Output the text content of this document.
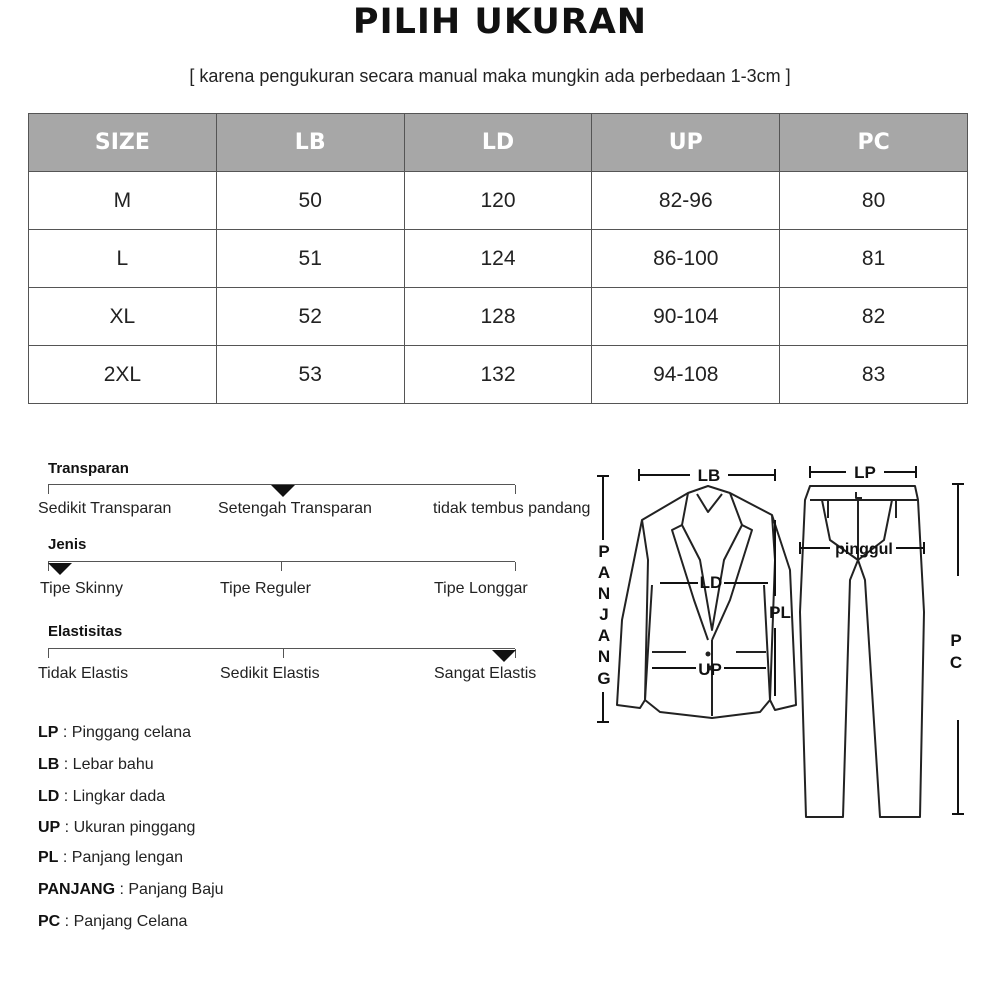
PILIH UKURAN
[ karena pengukuran secara manual maka mungkin ada perbedaan 1-3cm ]
SIZE	LB	LD	UP	PC
M	50	120	82-96	80
L	51	124	86-100	81
XL	52	128	90-104	82
2XL	53	132	94-108	83
Transparan
Sedikit Transparan	Setengah Transparan	tidak tembus pandang
Jenis
Tipe Skinny	Tipe Reguler	Tipe Longgar
Elastisitas
Tidak Elastis	Sedikit Elastis	Sangat Elastis
LP : Pinggang celana
LB : Lebar bahu
LD : Lingkar dada
UP : Ukuran pinggang
PL : Panjang lengan
PANJANG : Panjang Baju
PC : Panjang Celana
LB	LP
LD
UP
PL
pinggul
P
A
N
J
A
N
G
P
C
